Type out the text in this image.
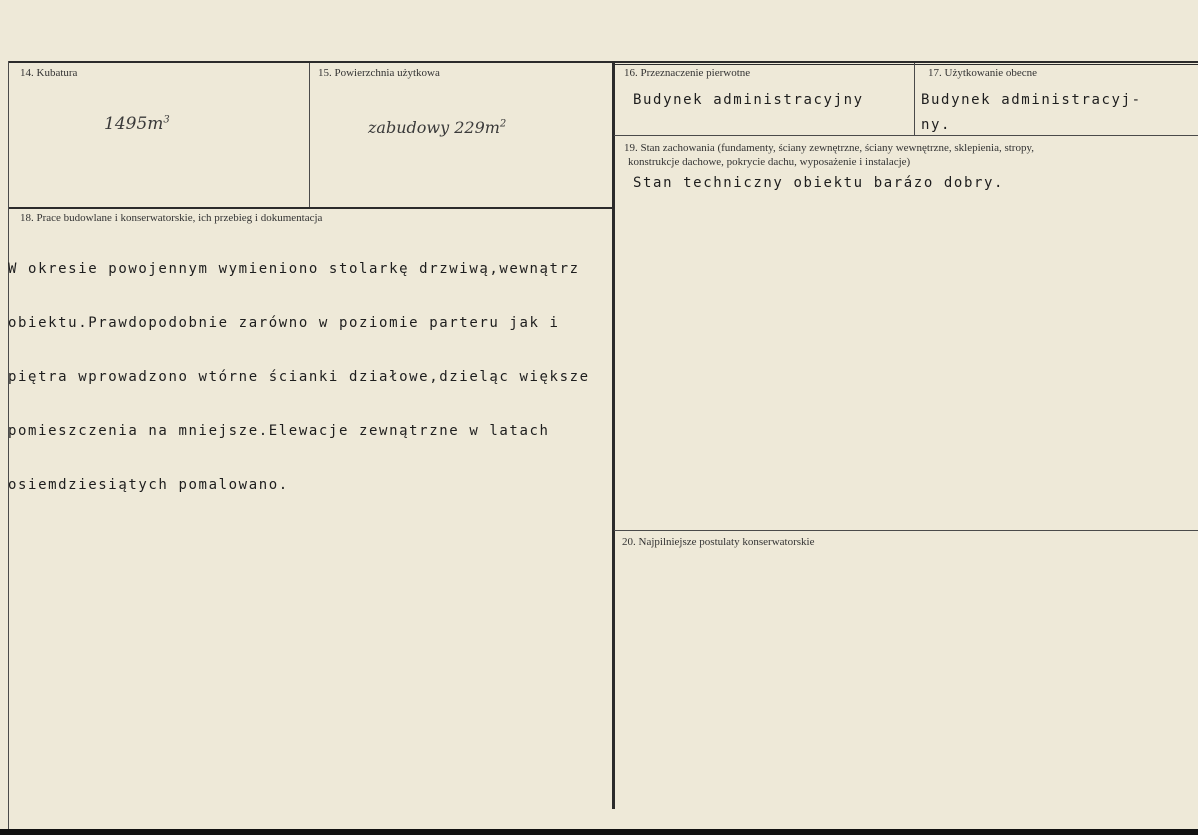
14. Kubatura
$1495m^3$
15. Powierzchnia użytkowa
zabudowy $229m^2$
16. Przeznaczenie pierwotne
Budynek administracyjny
17. Użytkowanie obecne
Budynek administracyj-
ny.
18. Prace budowlane i konserwatorskie, ich przebieg i dokumentacja

W okresie powojennym wymieniono stolarkę drzwiwą,wewnątrz

obiektu.Prawdopodobnie zarówno w poziomie parteru jak i

piętra wprowadzono wtórne ścianki działowe,dzieląc większe

pomieszczenia na mniejsze.Elewacje zewnątrzne w latach

osiemdziesiątych pomalowano.

19. Stan zachowania (fundamenty, ściany zewnętrzne, ściany wewnętrzne, sklepienia, stropy,
konstrukcje dachowe, pokrycie dachu, wyposażenie i instalacje)
Stan techniczny obiektu barázo dobry.
20. Najpilniejsze postulaty konserwatorskie
